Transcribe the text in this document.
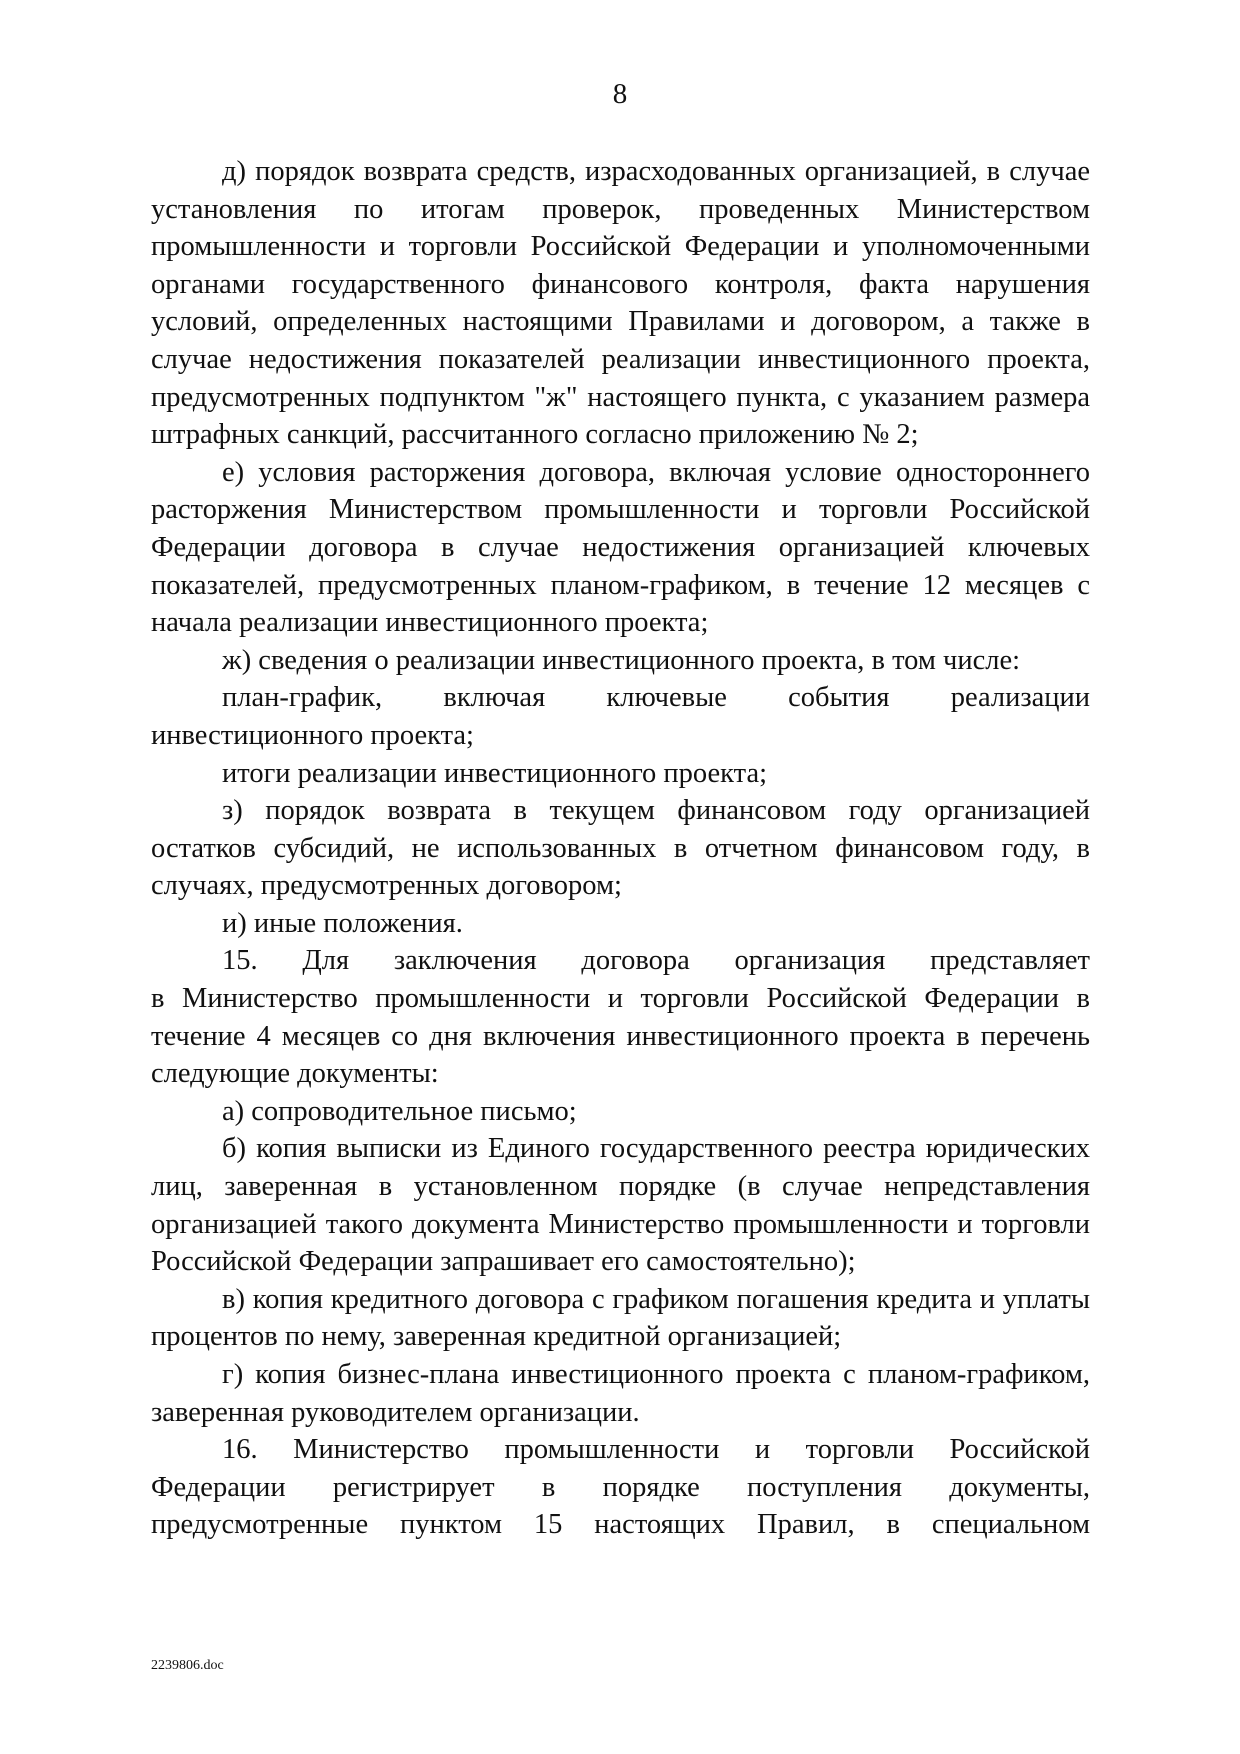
8

д) порядок возврата средств, израсходованных организацией, в случае установления по итогам проверок, проведенных Министерством промышленности и торговли Российской Федерации и уполномоченными органами государственного финансового контроля, факта нарушения условий, определенных настоящими Правилами и договором, а также в случае недостижения показателей реализации инвестиционного проекта, предусмотренных подпунктом "ж" настоящего пункта, с указанием размера штрафных санкций, рассчитанного согласно приложению № 2;

е) условия расторжения договора, включая условие одностороннего расторжения Министерством промышленности и торговли Российской Федерации договора в случае недостижения организацией ключевых показателей, предусмотренных планом-графиком, в течение 12 месяцев с начала реализации инвестиционного проекта;

ж) сведения о реализации инвестиционного проекта, в том числе:

план-график, включая ключевые события реализации

инвестиционного проекта;

итоги реализации инвестиционного проекта;

з) порядок возврата в текущем финансовом году организацией остатков субсидий, не использованных в отчетном финансовом году, в случаях, предусмотренных договором;

и) иные положения.

15. Для заключения договора организация представляет

в Министерство промышленности и торговли Российской Федерации в течение 4 месяцев со дня включения инвестиционного проекта в перечень следующие документы:

а) сопроводительное письмо;

б) копия выписки из Единого государственного реестра юридических лиц, заверенная в установленном порядке (в случае непредставления организацией такого документа Министерство промышленности и торговли Российской Федерации запрашивает его самостоятельно);

в) копия кредитного договора с графиком погашения кредита и уплаты процентов по нему, заверенная кредитной организацией;

г) копия бизнес-плана инвестиционного проекта с планом-графиком, заверенная руководителем организации.

16. Министерство промышленности и торговли Российской

Федерации регистрирует в порядке поступления документы,

предусмотренные пунктом 15 настоящих Правил, в специальном

2239806.doc
